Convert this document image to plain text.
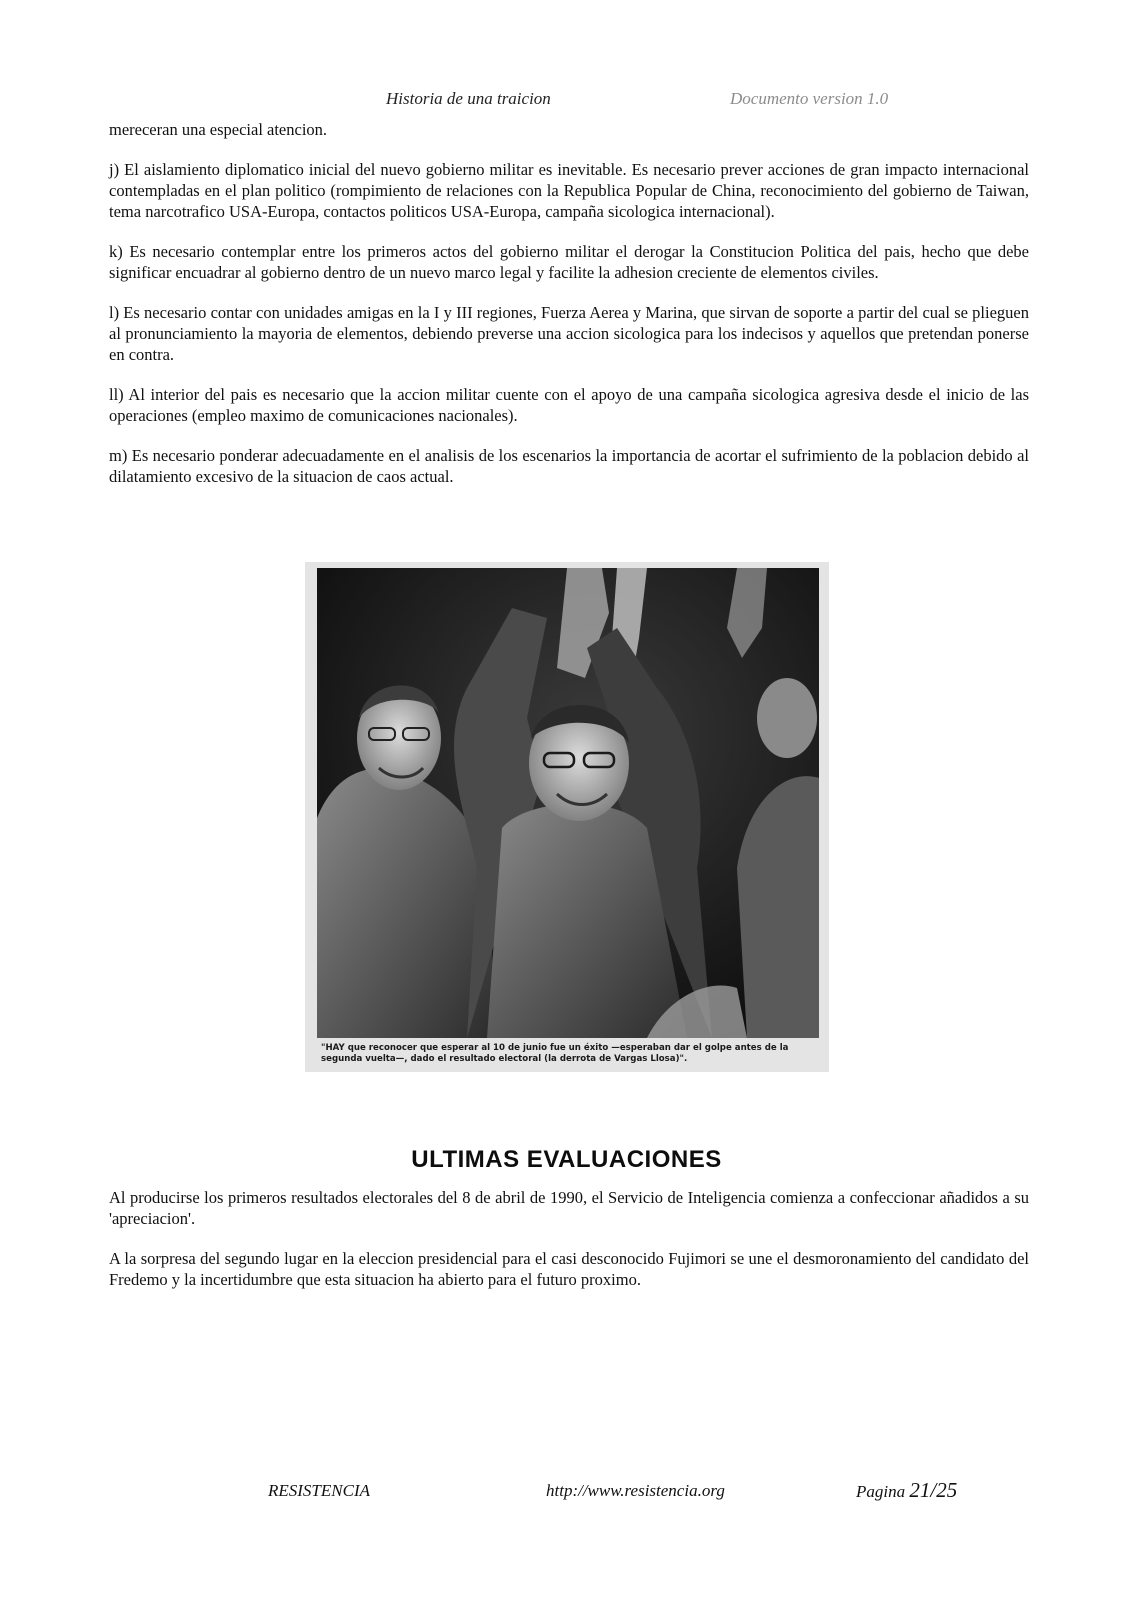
Historia de una traicion	Documento version 1.0

mereceran una especial atencion.

j) El aislamiento diplomatico inicial del nuevo gobierno militar es inevitable. Es necesario prever acciones de gran impacto internacional contempladas en el plan politico (rompimiento de relaciones con la Republica Popular de China, reconocimiento del gobierno de Taiwan, tema narcotrafico USA-Europa, contactos politicos USA-Europa, campaña sicologica internacional).

k) Es necesario contemplar entre los primeros actos del gobierno militar el derogar la Constitucion Politica del pais, hecho que debe significar encuadrar al gobierno dentro de un nuevo marco legal y facilite la adhesion creciente de elementos civiles.

l) Es necesario contar con unidades amigas en la I y III regiones, Fuerza Aerea y Marina, que sirvan de soporte a partir del cual se plieguen al pronunciamiento la mayoria de elementos, debiendo preverse una accion sicologica para los indecisos y aquellos que pretendan ponerse en contra.

ll) Al interior del pais es necesario que la accion militar cuente con el apoyo de una campaña sicologica agresiva desde el inicio de las operaciones (empleo maximo de comunicaciones nacionales).

m) Es necesario ponderar adecuadamente en el analisis de los escenarios la importancia de acortar el sufrimiento de la poblacion debido al dilatamiento excesivo de la situacion de caos actual.

"HAY que reconocer que esperar al 10 de junio fue un éxito —esperaban dar el golpe antes de la segunda vuelta—, dado el resultado electoral (la derrota de Vargas Llosa)".
ULTIMAS EVALUACIONES

Al producirse los primeros resultados electorales del 8 de abril de 1990, el Servicio de Inteligencia comienza a confeccionar añadidos a su 'apreciacion'.

A la sorpresa del segundo lugar en la eleccion presidencial para el casi desconocido Fujimori se une el desmoronamiento del candidato del Fredemo y la incertidumbre que esta situacion ha abierto para el futuro proximo.

RESISTENCIA	http://www.resistencia.org	Pagina 21/25
